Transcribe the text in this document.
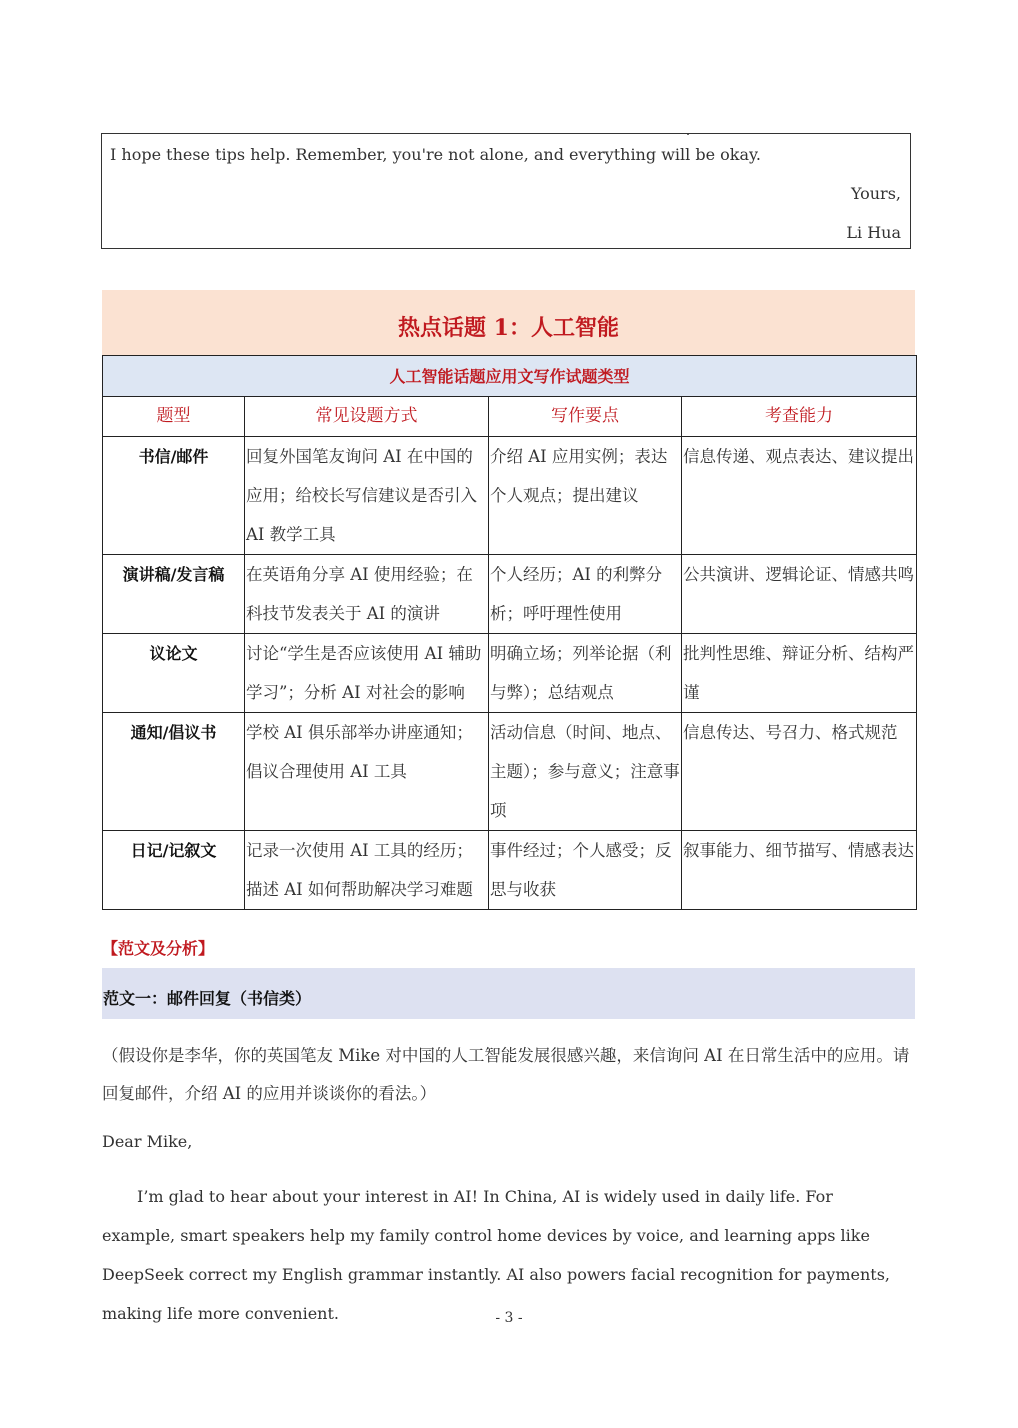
I hope these tips help. Remember, you're not alone, and everything will be okay.
Yours,
Li Hua
热点话题 1：人工智能
人工智能话题应用文写作试题类型			
题型	常见设题方式	写作要点	考查能力
书信/邮件	回复外国笔友询问 AI 在中国的应用；给校长写信建议是否引入 AI 教学工具	介绍 AI 应用实例；表达个人观点；提出建议	信息传递、观点表达、建议提出
演讲稿/发言稿	在英语角分享 AI 使用经验；在科技节发表关于 AI 的演讲	个人经历；AI 的利弊分析；呼吁理性使用	公共演讲、逻辑论证、情感共鸣
议论文	讨论“学生是否应该使用 AI 辅助学习”；分析 AI 对社会的影响	明确立场；列举论据（利与弊）；总结观点	批判性思维、辩证分析、结构严谨
通知/倡议书	学校 AI 俱乐部举办讲座通知；倡议合理使用 AI 工具	活动信息（时间、地点、主题）；参与意义；注意事项	信息传达、号召力、格式规范
日记/记叙文	记录一次使用 AI 工具的经历；描述 AI 如何帮助解决学习难题	事件经过；个人感受；反思与收获	叙事能力、细节描写、情感表达
【范文及分析】
范文一：邮件回复（书信类）
（假设你是李华，你的英国笔友 Mike 对中国的人工智能发展很感兴趣，来信询问 AI 在日常生活中的应用。请回复邮件，介绍 AI 的应用并谈谈你的看法。）
Dear Mike,
I’m glad to hear about your interest in AI! In China, AI is widely used in daily life. For example, smart speakers help my family control home devices by voice, and learning apps like DeepSeek correct my English grammar instantly. AI also powers facial recognition for payments, making life more convenient.	- 3 -
